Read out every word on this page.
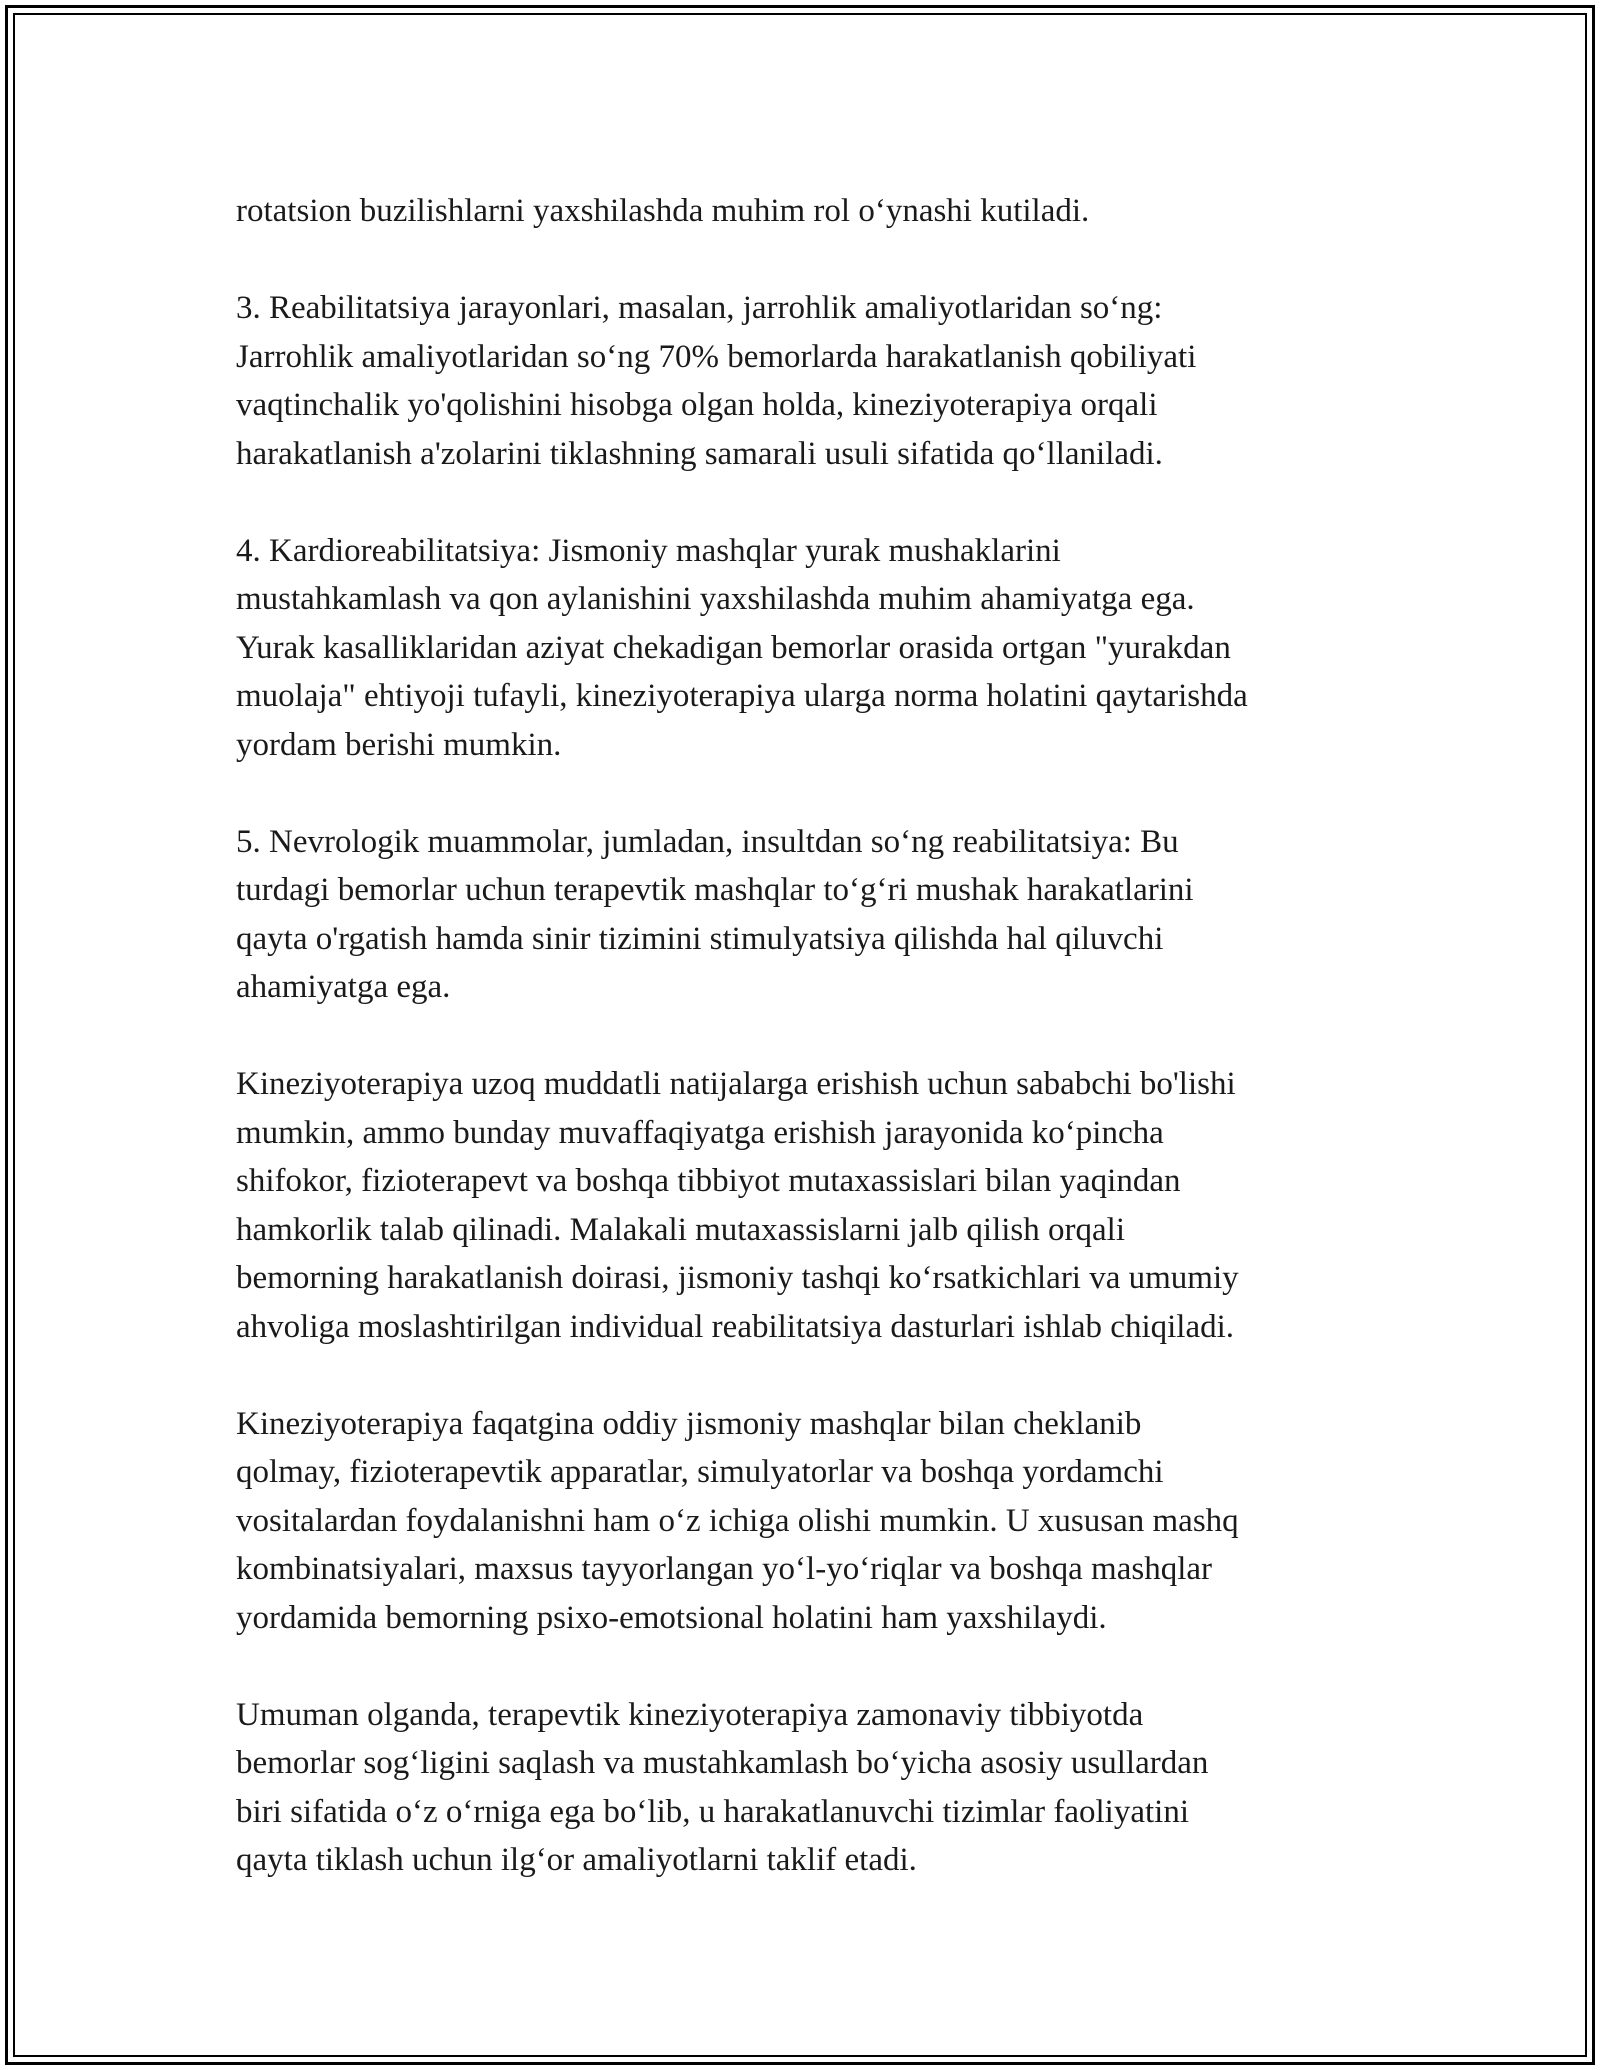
rotatsion buzilishlarni yaxshilashda muhim rol o‘ynashi kutiladi.

3. Reabilitatsiya jarayonlari, masalan, jarrohlik amaliyotlaridan so‘ng:
Jarrohlik amaliyotlaridan so‘ng 70% bemorlarda harakatlanish qobiliyati
vaqtinchalik yo'qolishini hisobga olgan holda, kineziyoterapiya orqali
harakatlanish a'zolarini tiklashning samarali usuli sifatida qo‘llaniladi.

4. Kardioreabilitatsiya: Jismoniy mashqlar yurak mushaklarini
mustahkamlash va qon aylanishini yaxshilashda muhim ahamiyatga ega.
Yurak kasalliklaridan aziyat chekadigan bemorlar orasida ortgan "yurakdan
muolaja" ehtiyoji tufayli, kineziyoterapiya ularga norma holatini qaytarishda
yordam berishi mumkin.

5. Nevrologik muammolar, jumladan, insultdan so‘ng reabilitatsiya: Bu
turdagi bemorlar uchun terapevtik mashqlar to‘g‘ri mushak harakatlarini
qayta o'rgatish hamda sinir tizimini stimulyatsiya qilishda hal qiluvchi
ahamiyatga ega.

Kineziyoterapiya uzoq muddatli natijalarga erishish uchun sababchi bo'lishi
mumkin, ammo bunday muvaffaqiyatga erishish jarayonida ko‘pincha
shifokor, fizioterapevt va boshqa tibbiyot mutaxassislari bilan yaqindan
hamkorlik talab qilinadi. Malakali mutaxassislarni jalb qilish orqali
bemorning harakatlanish doirasi, jismoniy tashqi ko‘rsatkichlari va umumiy
ahvoliga moslashtirilgan individual reabilitatsiya dasturlari ishlab chiqiladi.

Kineziyoterapiya faqatgina oddiy jismoniy mashqlar bilan cheklanib
qolmay, fizioterapevtik apparatlar, simulyatorlar va boshqa yordamchi
vositalardan foydalanishni ham o‘z ichiga olishi mumkin. U xususan mashq
kombinatsiyalari, maxsus tayyorlangan yo‘l-yo‘riqlar va boshqa mashqlar
yordamida bemorning psixo-emotsional holatini ham yaxshilaydi.

Umuman olganda, terapevtik kineziyoterapiya zamonaviy tibbiyotda
bemorlar sog‘ligini saqlash va mustahkamlash bo‘yicha asosiy usullardan
biri sifatida o‘z o‘rniga ega bo‘lib, u harakatlanuvchi tizimlar faoliyatini
qayta tiklash uchun ilg‘or amaliyotlarni taklif etadi.
